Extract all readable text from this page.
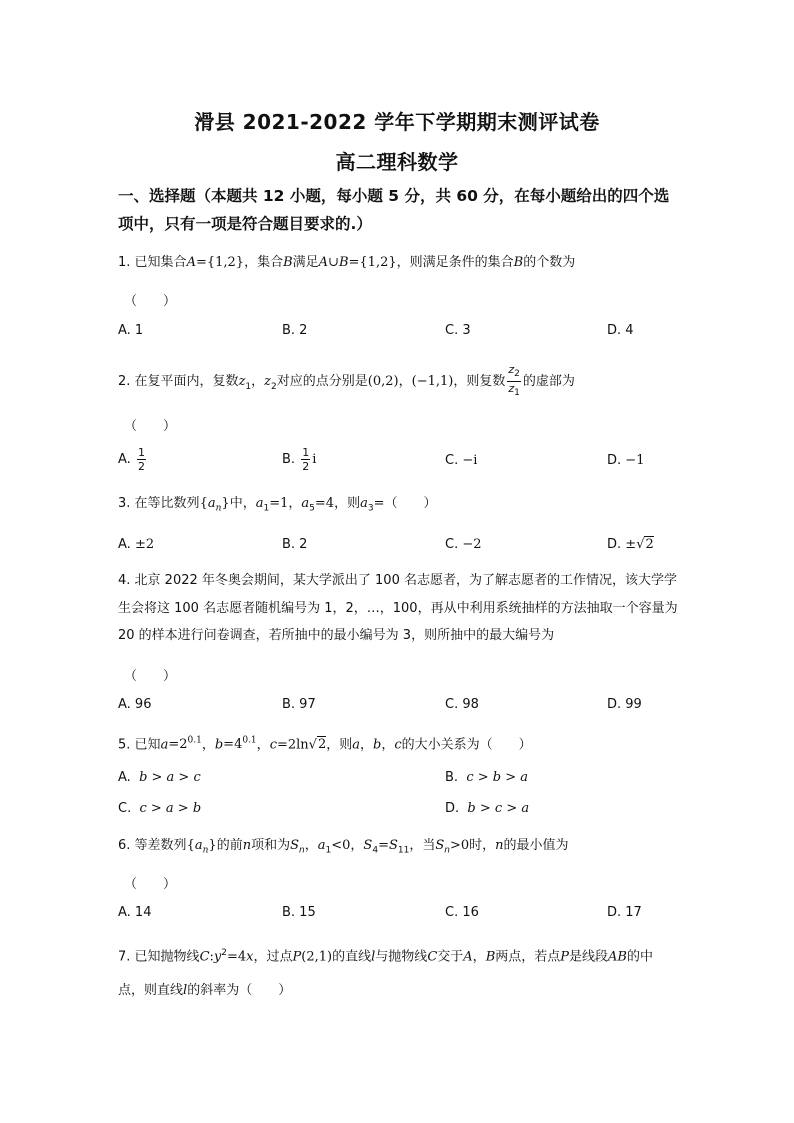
滑县 2021-2022 学年下学期期末测评试卷
高二理科数学
一、选择题（本题共 12 小题，每小题 5 分，共 60 分，在每小题给出的四个选项中，只有一项是符合题目要求的.）
1. 已知集合A={1,2}，集合B满足A∪B={1,2}，则满足条件的集合B的个数为
（　　）
A. 1	B. 2	C. 3	D. 4
2. 在复平面内，复数$z_1$，$z_2$对应的点分别是(0,2)，(−1,1)，则复数 $\frac{z_2}{z_1}$ 的虚部为
（　　）
A. $\frac{1}{2}$	B. $\frac{1}{2}$ i	C. −i	D. −1
3. 在等比数列$\{a_n\}$中，$a_1=1$，$a_5=4$，则$a_3=$（　　）
A. ±2	B. 2	C. −2	D. ±√2
4. 北京 2022 年冬奥会期间，某大学派出了 100 名志愿者，为了解志愿者的工作情况，该大学学生会将这 100 名志愿者随机编号为 1，2，…，100，再从中利用系统抽样的方法抽取一个容量为 20 的样本进行问卷调查，若所抽中的最小编号为 3，则所抽中的最大编号为
（　　）
A. 96	B. 97	C. 98	D. 99
5. 已知$a=2^{0.1}$，$b=4^{0.1}$，c=2ln√2，则a，b，c的大小关系为（　　）
A. b > a > c	B. c > b > a
C. c > a > b	D. b > c > a
6. 等差数列$\{a_n\}$的前n项和为$S_n$，$a_1<0$，$S_4=S_{11}$，当$S_n>0$时，n的最小值为
（　　）
A. 14	B. 15	C. 16	D. 17
7. 已知抛物线$C:y^2=4x$，过点P(2,1)的直线l与抛物线C交于A，B两点，若点P是线段AB的中点，则直线l的斜率为（　　）
